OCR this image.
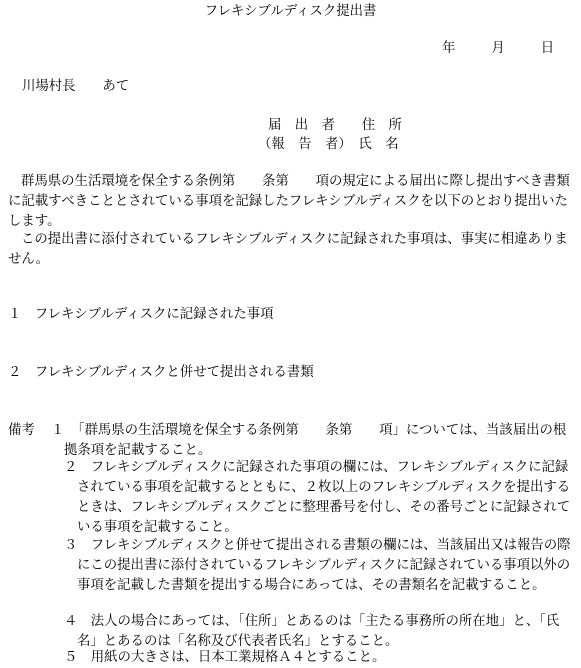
フレキシブルディスク提出書
年	月	日
川場村長　　あて
届　出　者　　住　所
（報　告　者）　氏　名
群馬県の生活環境を保全する条例第　　条第　　項の規定による届出に際し提出すべき書類に記載すべきこととされている事項を記録したフレキシブルディスクを以下のとおり提出いたします。
この提出書に添付されているフレキシブルディスクに記録された事項は、事実に相違ありません。
１　フレキシブルディスクに記録された事項
２　フレキシブルディスクと併せて提出される書類
備考 １　「群馬県の生活環境を保全する条例第　　条第　　項」については、当該届出の根拠条項を記載すること。
２　フレキシブルディスクに記録された事項の欄には、フレキシブルディスクに記録されている事項を記載するとともに、２枚以上のフレキシブルディスクを提出するときは、フレキシブルディスクごとに整理番号を付し、その番号ごとに記録されている事項を記載すること。
３　フレキシブルディスクと併せて提出される書類の欄には、当該届出又は報告の際にこの提出書に添付されているフレキシブルディスクに記録されている事項以外の事項を記載した書類を提出する場合にあっては、その書類名を記載すること。
４　法人の場合にあっては、「住所」とあるのは「主たる事務所の所在地」と、「氏名」とあるのは「名称及び代表者氏名」とすること。
５　用紙の大きさは、日本工業規格Ａ４とすること。
